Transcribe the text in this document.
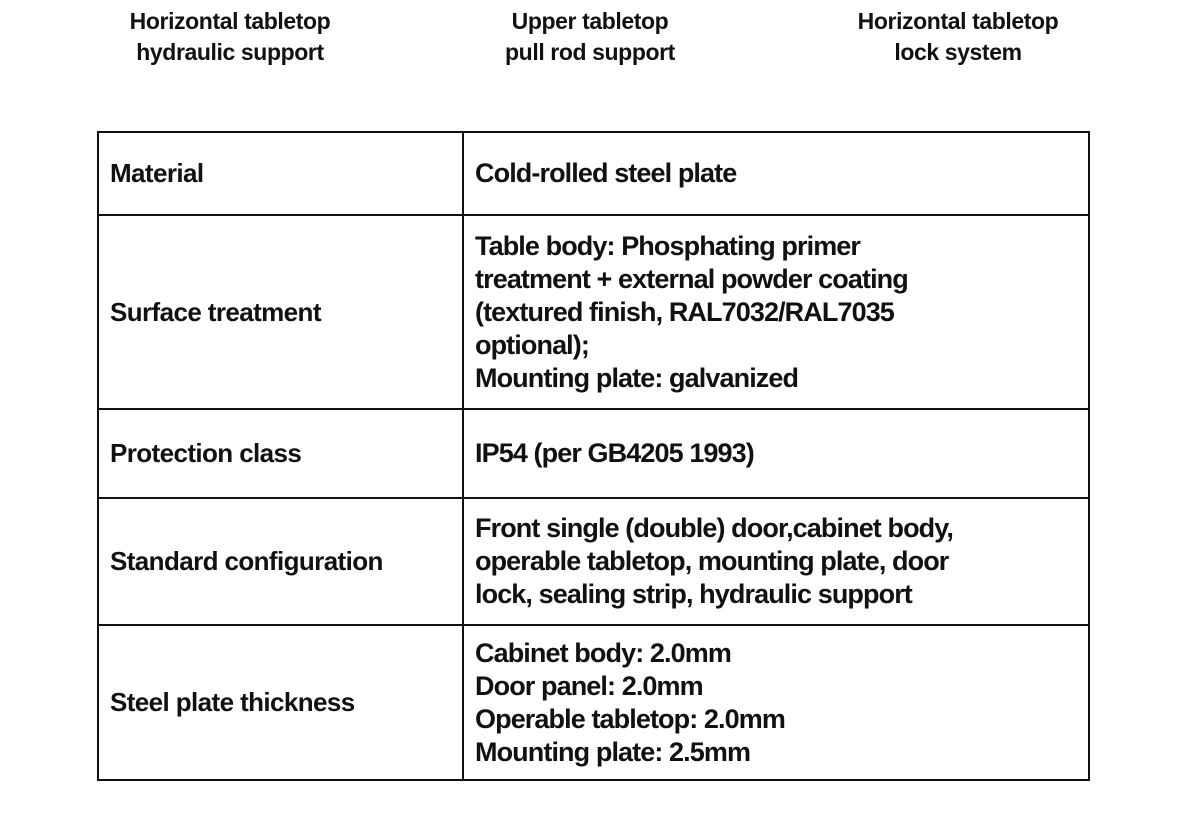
Horizontal tabletop
hydraulic support
Upper tabletop
pull rod support
Horizontal tabletop
lock system
Material	Cold-rolled steel plate

Surface treatment	Table body: Phosphating primer
treatment + external powder coating
(textured finish, RAL7032/RAL7035
optional);
Mounting plate: galvanized

Protection class	IP54 (per GB4205 1993)

Standard configuration	Front single (double) door,cabinet body,
operable tabletop, mounting plate, door
lock, sealing strip, hydraulic support

Steel plate thickness	Cabinet body: 2.0mm
Door panel: 2.0mm
Operable tabletop: 2.0mm
Mounting plate: 2.5mm
